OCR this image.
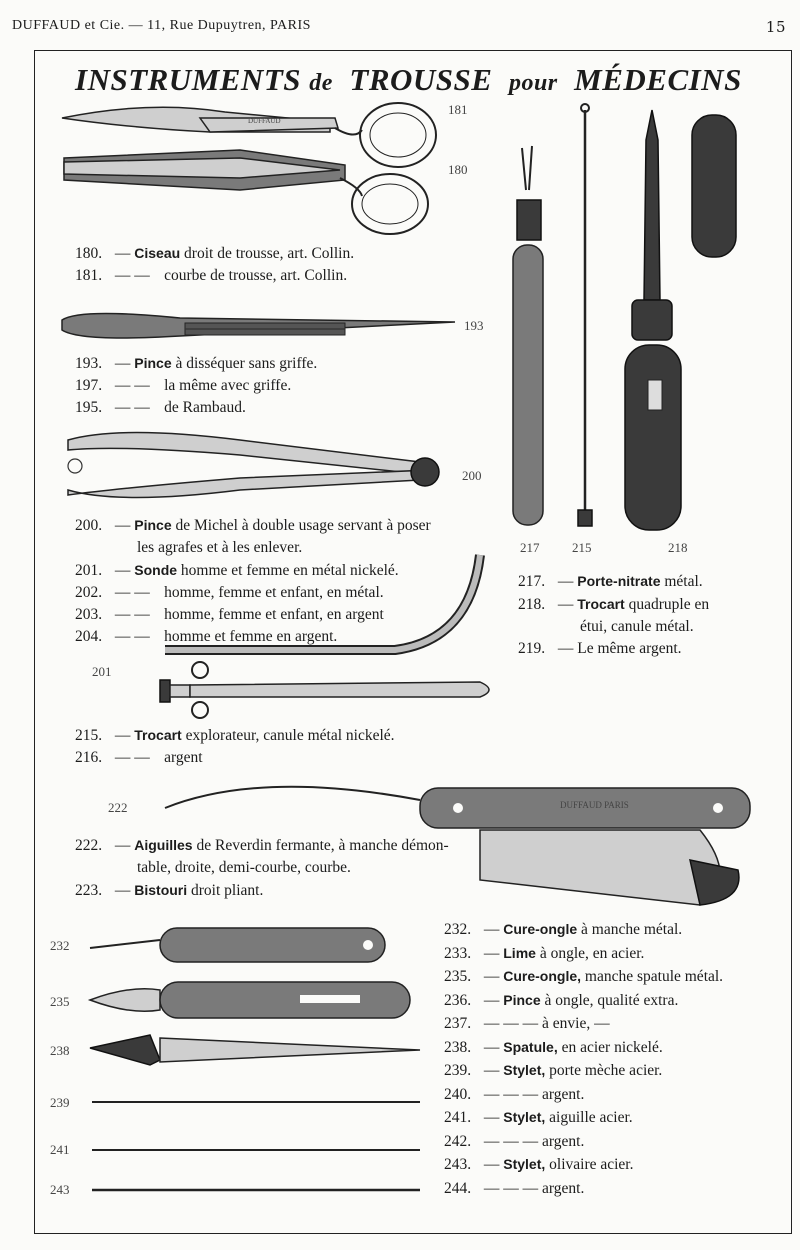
DUFFAUD et Cie. — 11, Rue Dupuytren, PARIS	15
INSTRUMENTS de TROUSSE pour MÉDECINS
181
180
193
200
217	215	218
201
222
232
235
238
239
241
243
DUFFAUD
DUFFAUD PARIS
180. — Ciseau droit de trousse, art. Collin.
181. — — courbe de trousse, art. Collin.
193. — Pince à disséquer sans griffe.
197. — — la même avec griffe.
195. — — de Rambaud.
200. — Pince de Michel à double usage servant à poser
les agrafes et à les enlever.
201. — Sonde homme et femme en métal nickelé.
202. — — homme, femme et enfant, en métal.
203. — — homme, femme et enfant, en argent
204. — — homme et femme en argent.
217. — Porte-nitrate métal.
218. — Trocart quadruple en
étui, canule métal.
219. — Le même argent.
215. — Trocart explorateur, canule métal nickelé.
216. — — argent
222. — Aiguilles de Reverdin fermante, à manche démon-
table, droite, demi-courbe, courbe.
223. — Bistouri droit pliant.
232. — Cure-ongle à manche métal.
233. — Lime à ongle, en acier.
235. — Cure-ongle, manche spatule métal.
236. — Pince à ongle, qualité extra.
237. — — — à envie, —
238. — Spatule, en acier nickelé.
239. — Stylet, porte mèche acier.
240. — — — argent.
241. — Stylet, aiguille acier.
242. — — — argent.
243. — Stylet, olivaire acier.
244. — — — argent.
